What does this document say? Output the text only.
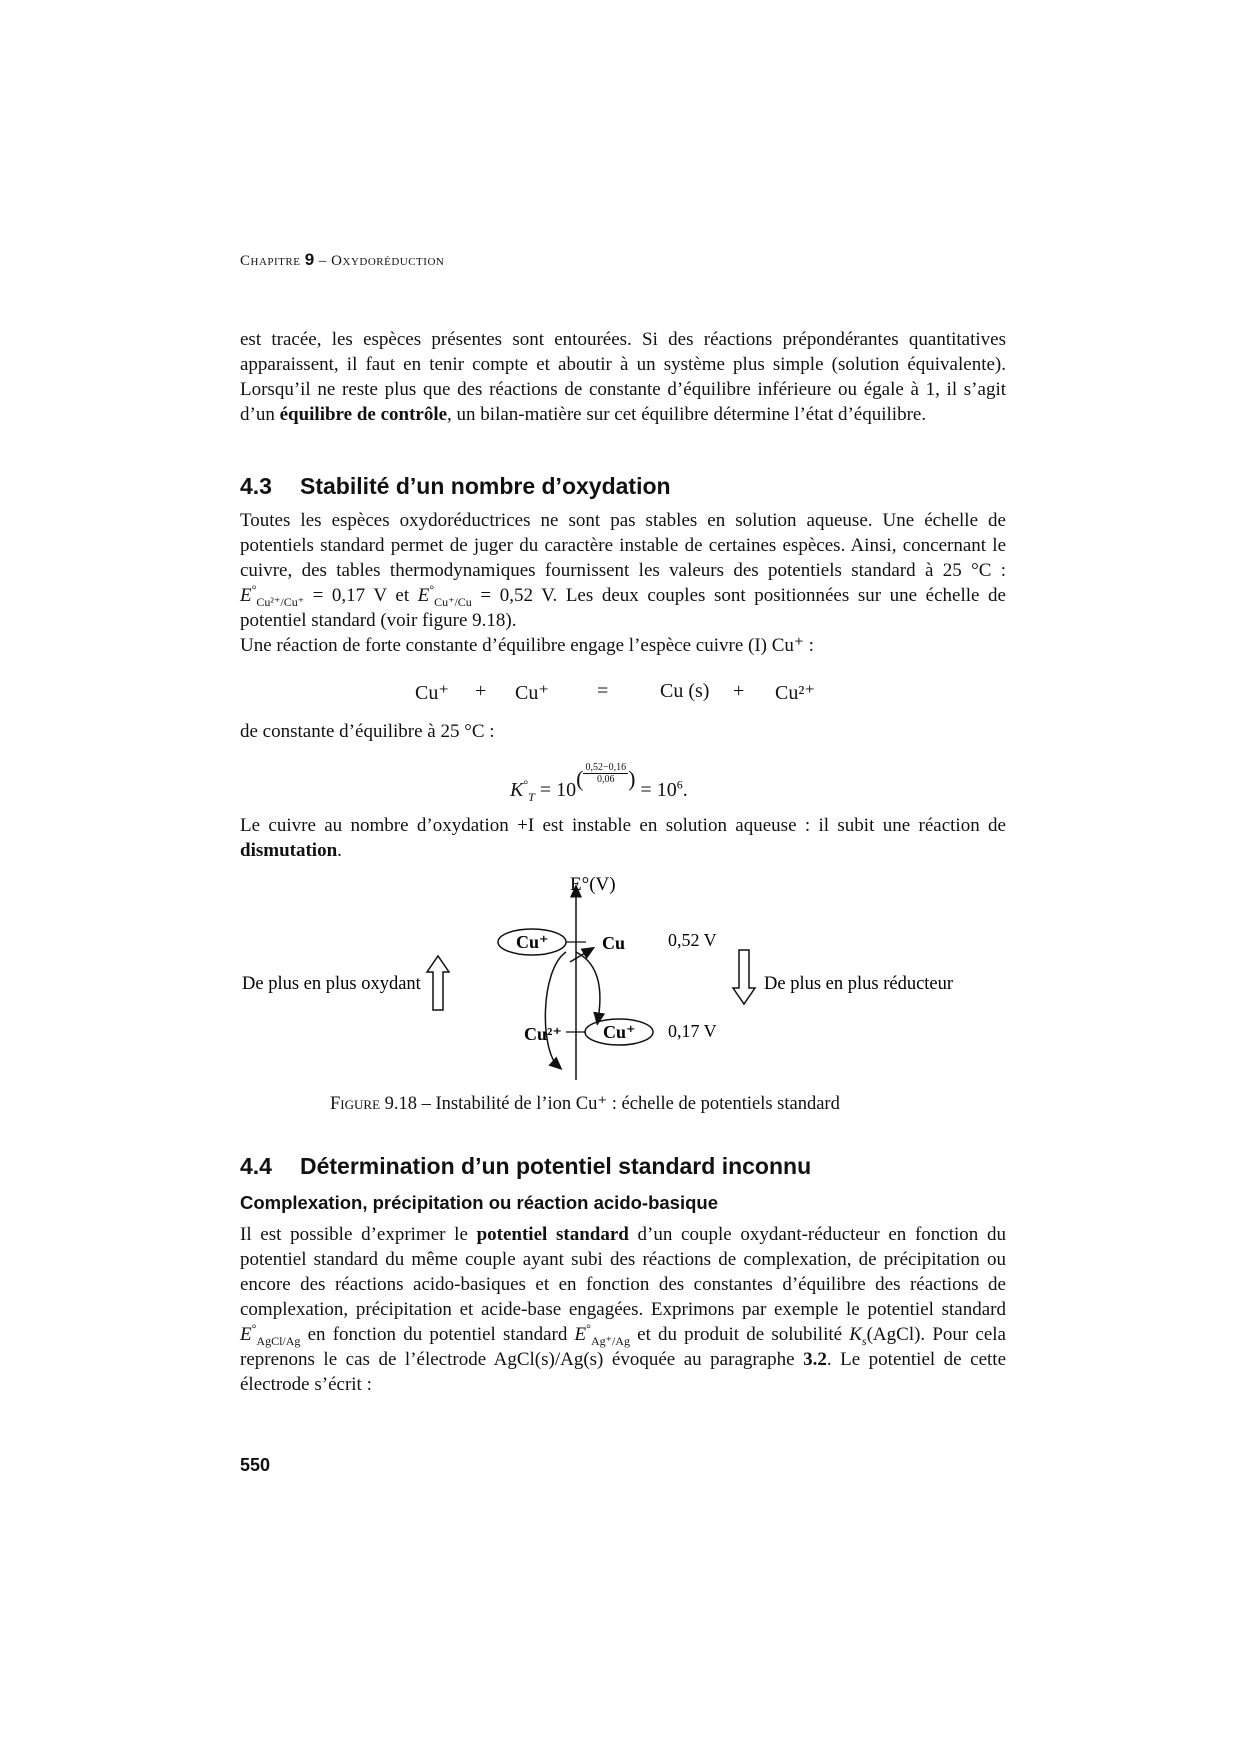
Chapitre 9 – Oxydoréduction

est tracée, les espèces présentes sont entourées. Si des réactions prépondérantes quantitatives apparaissent, il faut en tenir compte et aboutir à un système plus simple (solution équivalente). Lorsqu’il ne reste plus que des réactions de constante d’équilibre inférieure ou égale à 1, il s’agit d’un équilibre de contrôle, un bilan-matière sur cet équilibre détermine l’état d’équilibre.

4.3 Stabilité d’un nombre d’oxydation

Toutes les espèces oxydoréductrices ne sont pas stables en solution aqueuse. Une échelle de potentiels standard permet de juger du caractère instable de certaines espèces. Ainsi, concernant le cuivre, des tables thermodynamiques fournissent les valeurs des potentiels standard à 25 °C : $E^\circ_{Cu^{2+}/Cu^+} = 0,17$ V et $E^\circ_{Cu^+/Cu} = 0,52$ V. Les deux couples sont positionnées sur une échelle de potentiel standard (voir figure 9.18).

Une réaction de forte constante d’équilibre engage l’espèce cuivre (I) Cu⁺ :

Cu⁺ + Cu⁺ =	Cu (s) + Cu²⁺

de constante d’équilibre à 25 °C :

$K^\circ_T = 10( \frac{0,52-0,16}{0,06}$ ) = $10^6$.

Le cuivre au nombre d’oxydation +I est instable en solution aqueuse : il subit une réaction de dismutation.

E°(V)
Cu⁺	Cu 0,52 V
Cu²⁺ Cu⁺ 0,17 V
De plus en plus oxydant	De plus en plus réducteur
Figure 9.18 – Instabilité de l’ion Cu⁺ : échelle de potentiels standard
4.4 Détermination d’un potentiel standard inconnu
Complexation, précipitation ou réaction acido-basique

Il est possible d’exprimer le potentiel standard d’un couple oxydant-réducteur en fonction du potentiel standard du même couple ayant subi des réactions de complexation, de précipitation ou encore des réactions acido-basiques et en fonction des constantes d’équilibre des réactions de complexation, précipitation et acide-base engagées. Exprimons par exemple le potentiel standard $E^\circ_{AgCl/Ag}$ en fonction du potentiel standard $E^\circ_{Ag^+/Ag}$ et du produit de solubilité $K_s(AgCl)$. Pour cela reprenons le cas de l’électrode AgCl(s)/Ag(s) évoquée au paragraphe 3.2. Le potentiel de cette électrode s’écrit :

550
